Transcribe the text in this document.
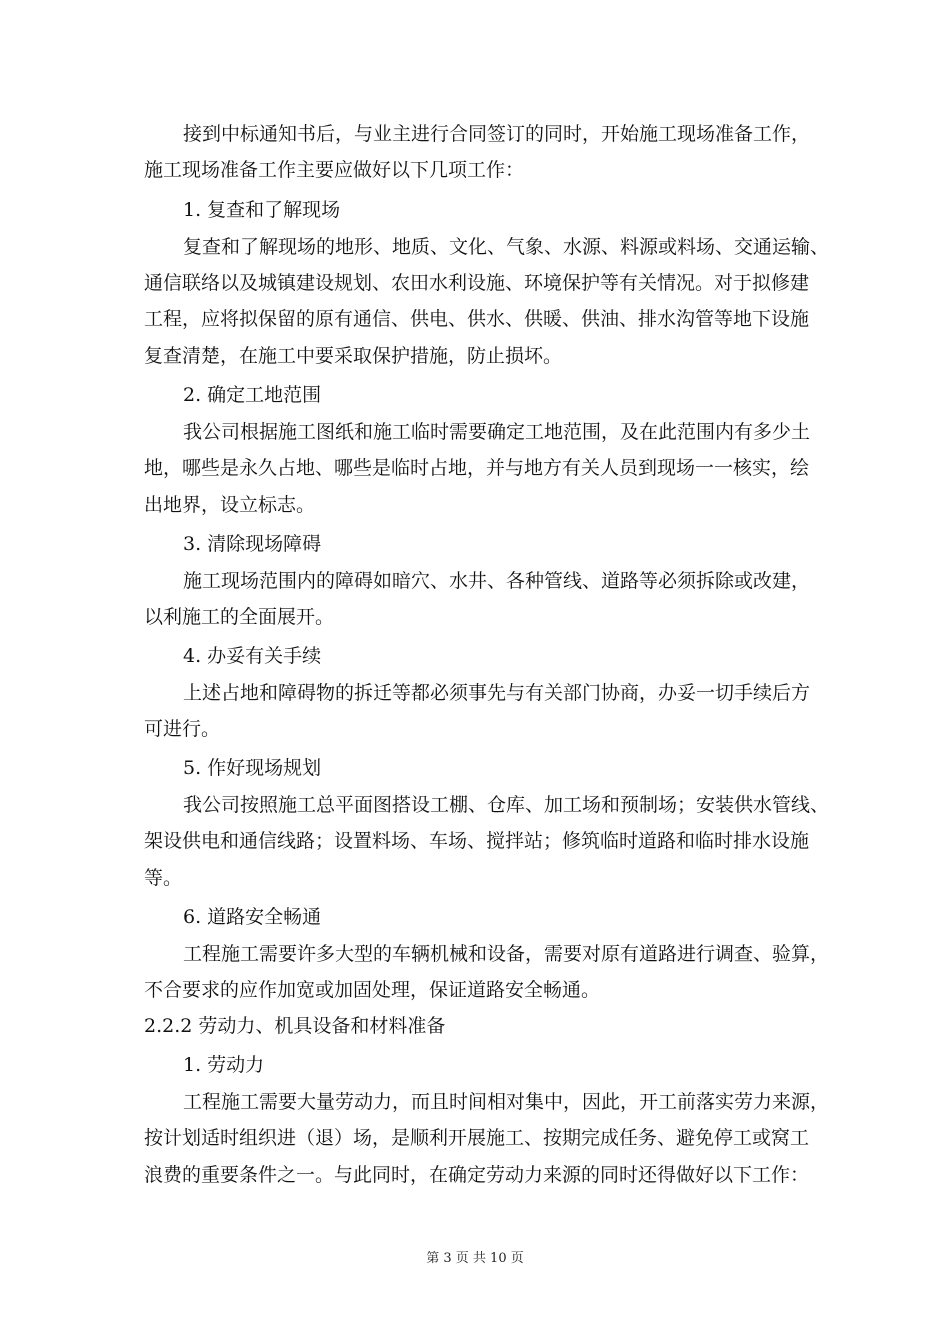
接到中标通知书后，与业主进行合同签订的同时，开始施工现场准备工作，
施工现场准备工作主要应做好以下几项工作：
1. 复查和了解现场
复查和了解现场的地形、地质、文化、气象、水源、料源或料场、交通运输、
通信联络以及城镇建设规划、农田水利设施、环境保护等有关情况。对于拟修建
工程，应将拟保留的原有通信、供电、供水、供暖、供油、排水沟管等地下设施
复查清楚，在施工中要采取保护措施，防止损坏。
2. 确定工地范围
我公司根据施工图纸和施工临时需要确定工地范围，及在此范围内有多少土
地，哪些是永久占地、哪些是临时占地，并与地方有关人员到现场一一核实，绘
出地界，设立标志。
3. 清除现场障碍
施工现场范围内的障碍如暗穴、水井、各种管线、道路等必须拆除或改建，
以利施工的全面展开。
4. 办妥有关手续
上述占地和障碍物的拆迁等都必须事先与有关部门协商，办妥一切手续后方
可进行。
5. 作好现场规划
我公司按照施工总平面图搭设工棚、仓库、加工场和预制场；安装供水管线、
架设供电和通信线路；设置料场、车场、搅拌站；修筑临时道路和临时排水设施
等。
6. 道路安全畅通
工程施工需要许多大型的车辆机械和设备，需要对原有道路进行调查、验算，
不合要求的应作加宽或加固处理，保证道路安全畅通。
2.2.2 劳动力、机具设备和材料准备
1. 劳动力
工程施工需要大量劳动力，而且时间相对集中，因此，开工前落实劳力来源，
按计划适时组织进（退）场，是顺利开展施工、按期完成任务、避免停工或窝工
浪费的重要条件之一。与此同时，在确定劳动力来源的同时还得做好以下工作：
第 3 页 共 10 页
